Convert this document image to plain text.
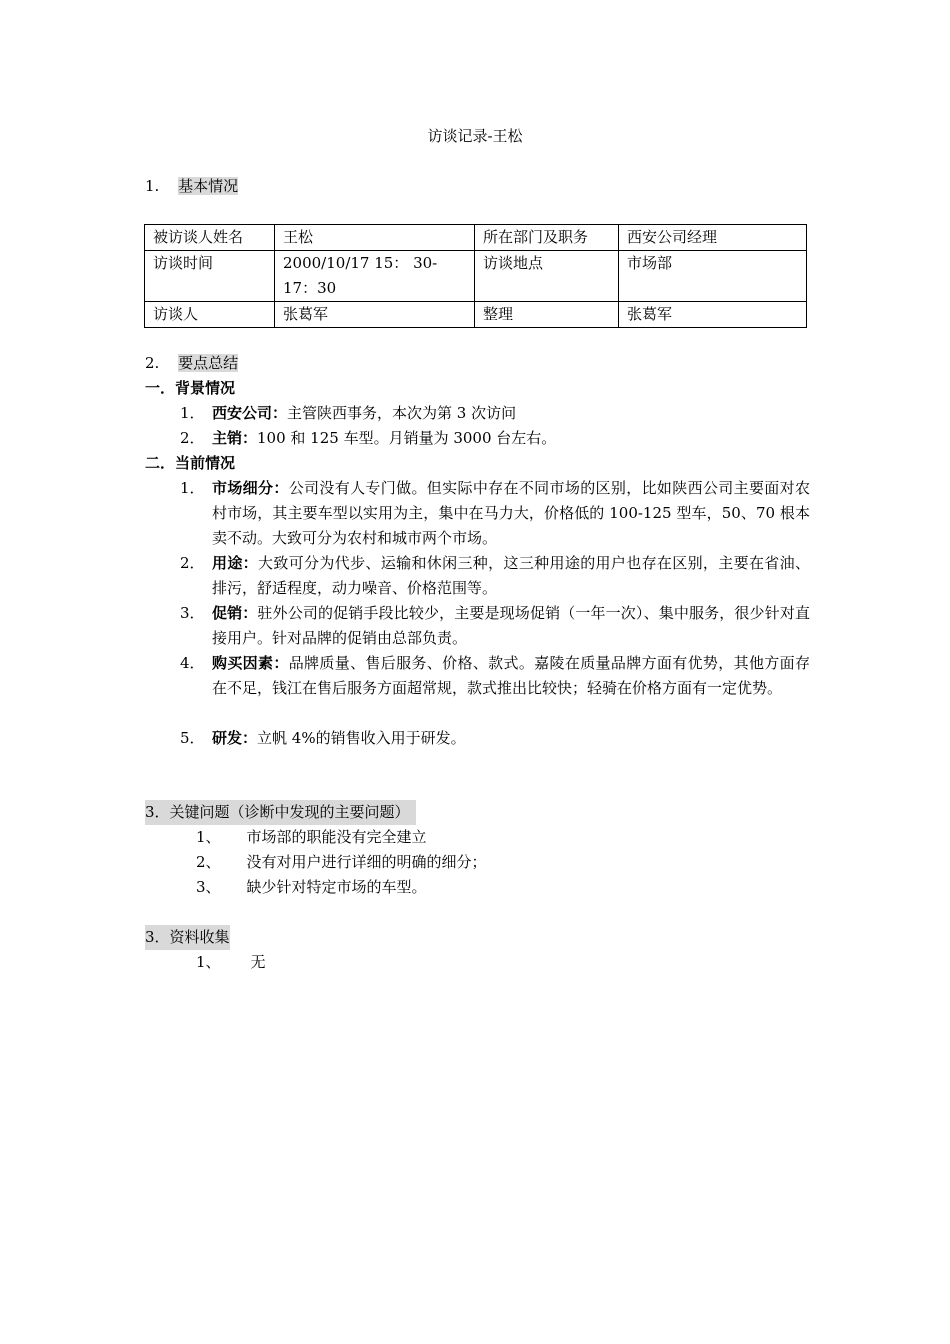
访谈记录-王松
1. 基本情况
被访谈人姓名	王松	所在部门及职务	西安公司经理
访谈时间	2000/10/17 15： 30-17：30	访谈地点	市场部
访谈人	张葛军	整理	张葛军
2. 要点总结
一．背景情况
1． 西安公司：主管陕西事务，本次为第 3 次访问
2． 主销：100 和 125 车型。月销量为 3000 台左右。
二．当前情况
1． 市场细分：公司没有人专门做。但实际中存在不同市场的区别，比如陕西公司主要面对农村市场，其主要车型以实用为主，集中在马力大，价格低的 100-125 型车，50、70 根本卖不动。大致可分为农村和城市两个市场。
2． 用途：大致可分为代步、运输和休闲三种，这三种用途的用户也存在区别，主要在省油、排污，舒适程度，动力噪音、价格范围等。
3． 促销：驻外公司的促销手段比较少，主要是现场促销（一年一次）、集中服务，很少针对直接用户。针对品牌的促销由总部负责。
4． 购买因素：品牌质量、售后服务、价格、款式。嘉陵在质量品牌方面有优势，其他方面存在不足，钱江在售后服务方面超常规，款式推出比较快；轻骑在价格方面有一定优势。
5． 研发：立帆 4%的销售收入用于研发。
3．关键问题（诊断中发现的主要问题）
1、 市场部的职能没有完全建立
2、 没有对用户进行详细的明确的细分；
3、 缺少针对特定市场的车型。
3．资料收集
1、 无
